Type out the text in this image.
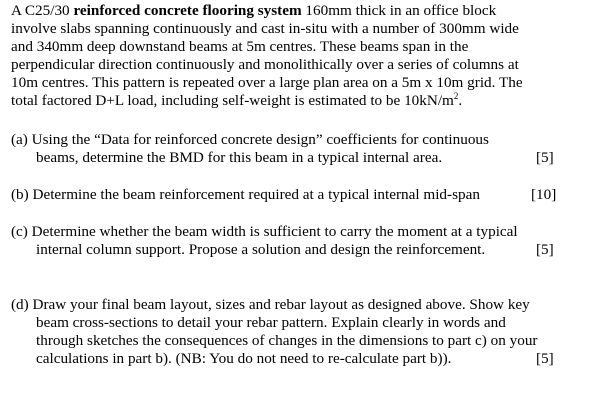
A C25/30 reinforced concrete flooring system 160mm thick in an office block
involve slabs spanning continuously and cast in-situ with a number of 300mm wide
and 340mm deep downstand beams at 5m centres. These beams span in the
perpendicular direction continuously and monolithically over a series of columns at
10m centres. This pattern is repeated over a large plan area on a 5m x 10m grid. The
total factored D+L load, including self-weight is estimated to be $10kN/m^2$.
(a) Using the “Data for reinforced concrete design” coefficients for continuous
beams, determine the BMD for this beam in a typical internal area.	[5]
(b) Determine the beam reinforcement required at a typical internal mid-span	[10]
(c) Determine whether the beam width is sufficient to carry the moment at a typical
internal column support. Propose a solution and design the reinforcement.	[5]
(d) Draw your final beam layout, sizes and rebar layout as designed above. Show key
beam cross-sections to detail your rebar pattern. Explain clearly in words and
through sketches the consequences of changes in the dimensions to part c) on your
calculations in part b). (NB: You do not need to re-calculate part b)).	[5]
